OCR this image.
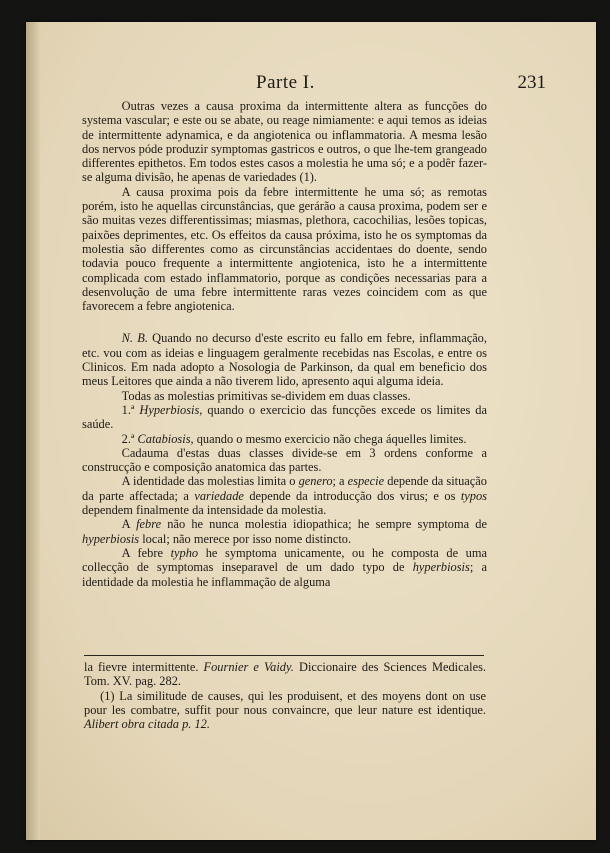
Parte I.	231

Outras vezes a causa proxima da intermittente altera as funcções do systema vascular; e este ou se abate, ou reage nimiamente: e aqui temos as ideias de intermittente adynamica, e da angiotenica ou inflammatoria. A mesma lesão dos nervos póde produzir symptomas gastricos e outros, o que lhe-tem grangeado differentes epithetos. Em todos estes casos a molestia he uma só; e a podêr fazer-se alguma divisão, he apenas de variedades (1).

A causa proxima pois da febre intermittente he uma só; as remotas porém, isto he aquellas circunstâncias, que gerárão a causa proxima, podem ser e são muitas vezes differentissimas; miasmas, plethora, cacochilias, lesões topicas, paixões deprimentes, etc. Os effeitos da causa próxima, isto he os symptomas da molestia são differentes como as circunstâncias accidentaes do doente, sendo todavia pouco frequente a intermittente angiotenica, isto he a intermittente complicada com estado inflammatorio, porque as condições necessarias para a desenvolução de uma febre intermittente raras vezes coincidem com as que favorecem a febre angiotenica.

N. B. Quando no decurso d'este escrito eu fallo em febre, inflammação, etc. vou com as ideias e linguagem geralmente recebidas nas Escolas, e entre os Clinicos. Em nada adopto a Nosologia de Parkinson, da qual em beneficio dos meus Leitores que ainda a não tiverem lido, apresento aqui alguma ideia.

Todas as molestias primitivas se-dividem em duas classes.

1.ª Hyperbiosis, quando o exercicio das funcções excede os limites da saúde.

2.ª Catabiosis, quando o mesmo exercicio não chega áquelles limites.

Cadauma d'estas duas classes divide-se em 3 ordens conforme a construcção e composição anatomica das partes.

A identidade das molestias limita o genero; a especie depende da situação da parte affectada; a variedade depende da introducção dos virus; e os typos dependem finalmente da intensidade da molestia.

A febre não he nunca molestia idiopathica; he sempre symptoma de hyperbiosis local; não merece por isso nome distincto.

A febre typho he symptoma unicamente, ou he composta de uma collecção de symptomas inseparavel de um dado typo de hyperbiosis; a identidade da molestia he inflammação de alguma

la fievre intermittente. Fournier e Vaidy. Diccionaire des Sciences Medicales. Tom. XV. pag. 282.

(1) La similitude de causes, qui les produisent, et des moyens dont on use pour les combatre, suffit pour nous convaincre, que leur nature est identique. Alibert obra citada p. 12.
